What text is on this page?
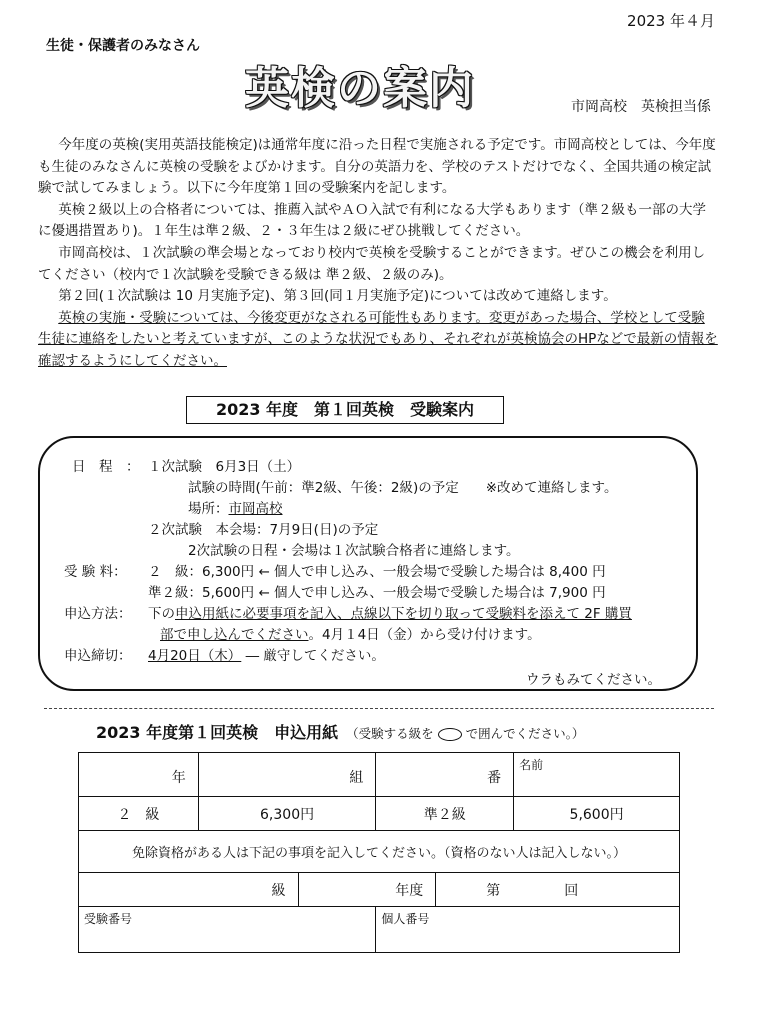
2023 年４月
生徒・保護者のみなさん
英検の案内	市岡高校　英検担当係

今年度の英検(実用英語技能検定)は通常年度に沿った日程で実施される予定です。市岡高校としては、今年度も生徒のみなさんに英検の受験をよびかけます。自分の英語力を、学校のテストだけでなく、全国共通の検定試験で試してみましょう。以下に今年度第１回の受験案内を記します。

英検２級以上の合格者については、推薦入試やＡＯ入試で有利になる大学もあります（準２級も一部の大学に優遇措置あり)。１年生は準２級、２・３年生は２級にぜひ挑戦してください。

市岡高校は、１次試験の準会場となっており校内で英検を受験することができます。ぜひこの機会を利用してください（校内で１次試験を受験できる級は 準２級、２級のみ)。

第２回(１次試験は 10 月実施予定)、第３回(同１月実施予定)については改めて連絡します。

英検の実施・受験については、今後変更がなされる可能性もあります。変更があった場合、学校として受験生徒に連絡をしたいと考えていますが、このような状況でもあり、それぞれが英検協会のHPなどで最新の情報を確認するようにしてください。

2023 年度　第１回英検　受験案内
日　程　： １次試験　6月3日（土）
試験の時間(午前：準2級、午後：2級)の予定　　※改めて連絡します。
場所：市岡高校
２次試験　本会場：7月9日(日)の予定
2次試験の日程・会場は１次試験合格者に連絡します。
受 験 料： ２　級：6,300円 ← 個人で申し込み、一般会場で受験した場合は 8,400 円
準２級：5,600円 ← 個人で申し込み、一般会場で受験した場合は 7,900 円
申込方法： 下の申込用紙に必要事項を記入、点線以下を切り取って受験料を添えて 2F 購買
部で申し込んでください。4月１4日（金）から受け付けます。
申込締切： 4月20日（木） ― 厳守してください。
ウラもみてください。
2023 年度第１回英検　申込用紙 （受験する級を	で囲んでください。）
年	組		番		名前
２　級	6,300円		準２級		5,600円
免除資格がある人は下記の事項を記入してください。（資格のない人は記入しない。）					
級		年度		第 回	
受験番号			個人番号		
